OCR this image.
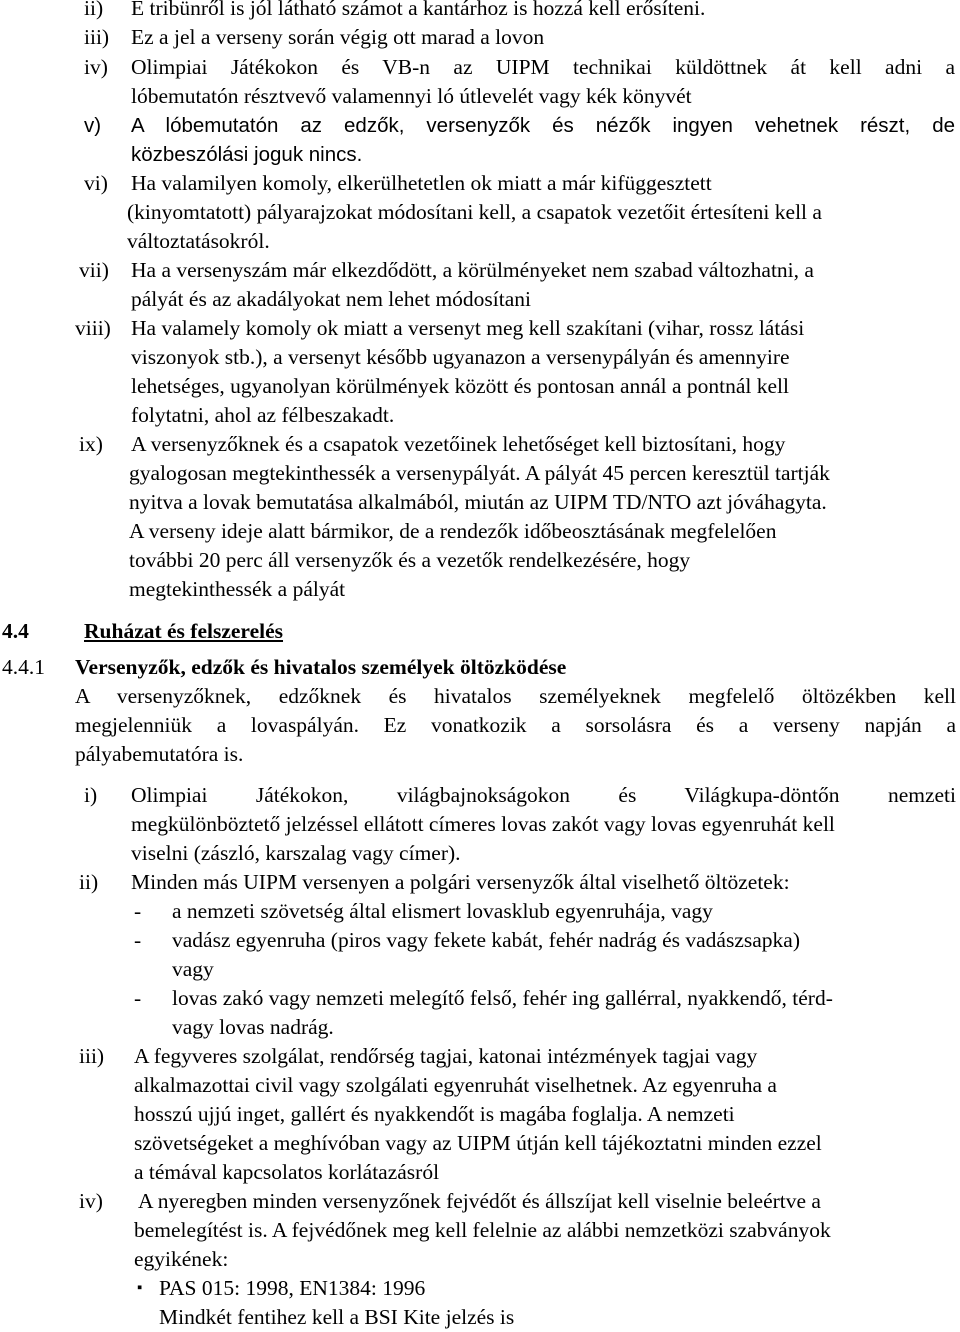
ii) E tribünről is jól látható számot a kantárhoz is hozzá kell erősíteni.
iii) Ez a jel a verseny során végig ott marad a lovon
iv) Olimpiai Játékokon és VB-n az UIPM technikai küldöttnek át kell adni a
lóbemutatón résztvevő valamennyi ló útlevelét vagy kék könyvét
v) A lóbemutatón az edzők, versenyzők és nézők ingyen vehetnek részt, de
közbeszólási joguk nincs.
vi) Ha valamilyen komoly, elkerülhetetlen ok miatt a már kifüggesztett
(kinyomtatott) pályarajzokat módosítani kell, a csapatok vezetőit értesíteni kell a
változtatásokról.
vii) Ha a versenyszám már elkezdődött, a körülményeket nem szabad változhatni, a
pályát és az akadályokat nem lehet módosítani
viii) Ha valamely komoly ok miatt a versenyt meg kell szakítani (vihar, rossz látási
viszonyok stb.), a versenyt később ugyanazon a versenypályán és amennyire
lehetséges, ugyanolyan körülmények között és pontosan annál a pontnál kell
folytatni, ahol az félbeszakadt.
ix) A versenyzőknek és a csapatok vezetőinek lehetőséget kell biztosítani, hogy
gyalogosan megtekinthessék a versenypályát. A pályát 45 percen keresztül tartják
nyitva a lovak bemutatása alkalmából, miután az UIPM TD/NTO azt jóváhagyta.
A verseny ideje alatt bármikor, de a rendezők időbeosztásának megfelelően
további 20 perc áll versenyzők és a vezetők rendelkezésére, hogy
megtekinthessék a pályát
4.4	Ruházat és felszerelés
4.4.1 Versenyzők, edzők és hivatalos személyek öltözködése
A versenyzőknek, edzőknek és hivatalos személyeknek megfelelő öltözékben kell
megjelenniük a lovaspályán. Ez vonatkozik a sorsolásra és a verseny napján a
pályabemutatóra is.
i) Olimpiai Játékokon, világbajnokságokon és Világkupa-döntőn nemzeti
megkülönböztető jelzéssel ellátott címeres lovas zakót vagy lovas egyenruhát kell
viselni (zászló, karszalag vagy címer).
ii) Minden más UIPM versenyen a polgári versenyzők által viselhető öltözetek:
- a nemzeti szövetség által elismert lovasklub egyenruhája, vagy
- vadász egyenruha (piros vagy fekete kabát, fehér nadrág és vadászsapka)
vagy
- lovas zakó vagy nemzeti melegítő felső, fehér ing gallérral, nyakkendő, térd-
vagy lovas nadrág.
iii) A fegyveres szolgálat, rendőrség tagjai, katonai intézmények tagjai vagy
alkalmazottai civil vagy szolgálati egyenruhát viselhetnek. Az egyenruha a
hosszú ujjú inget, gallért és nyakkendőt is magába foglalja. A nemzeti
szövetségeket a meghívóban vagy az UIPM útján kell tájékoztatni minden ezzel
a témával kapcsolatos korlátazásról
iv) A nyeregben minden versenyzőnek fejvédőt és állszíjat kell viselnie beleértve a
bemelegítést is. A fejvédőnek meg kell felelnie az alábbi nemzetközi szabványok
egyikének:
▪ PAS 015: 1998, EN1384: 1996
Mindkét fentihez kell a BSI Kite jelzés is
